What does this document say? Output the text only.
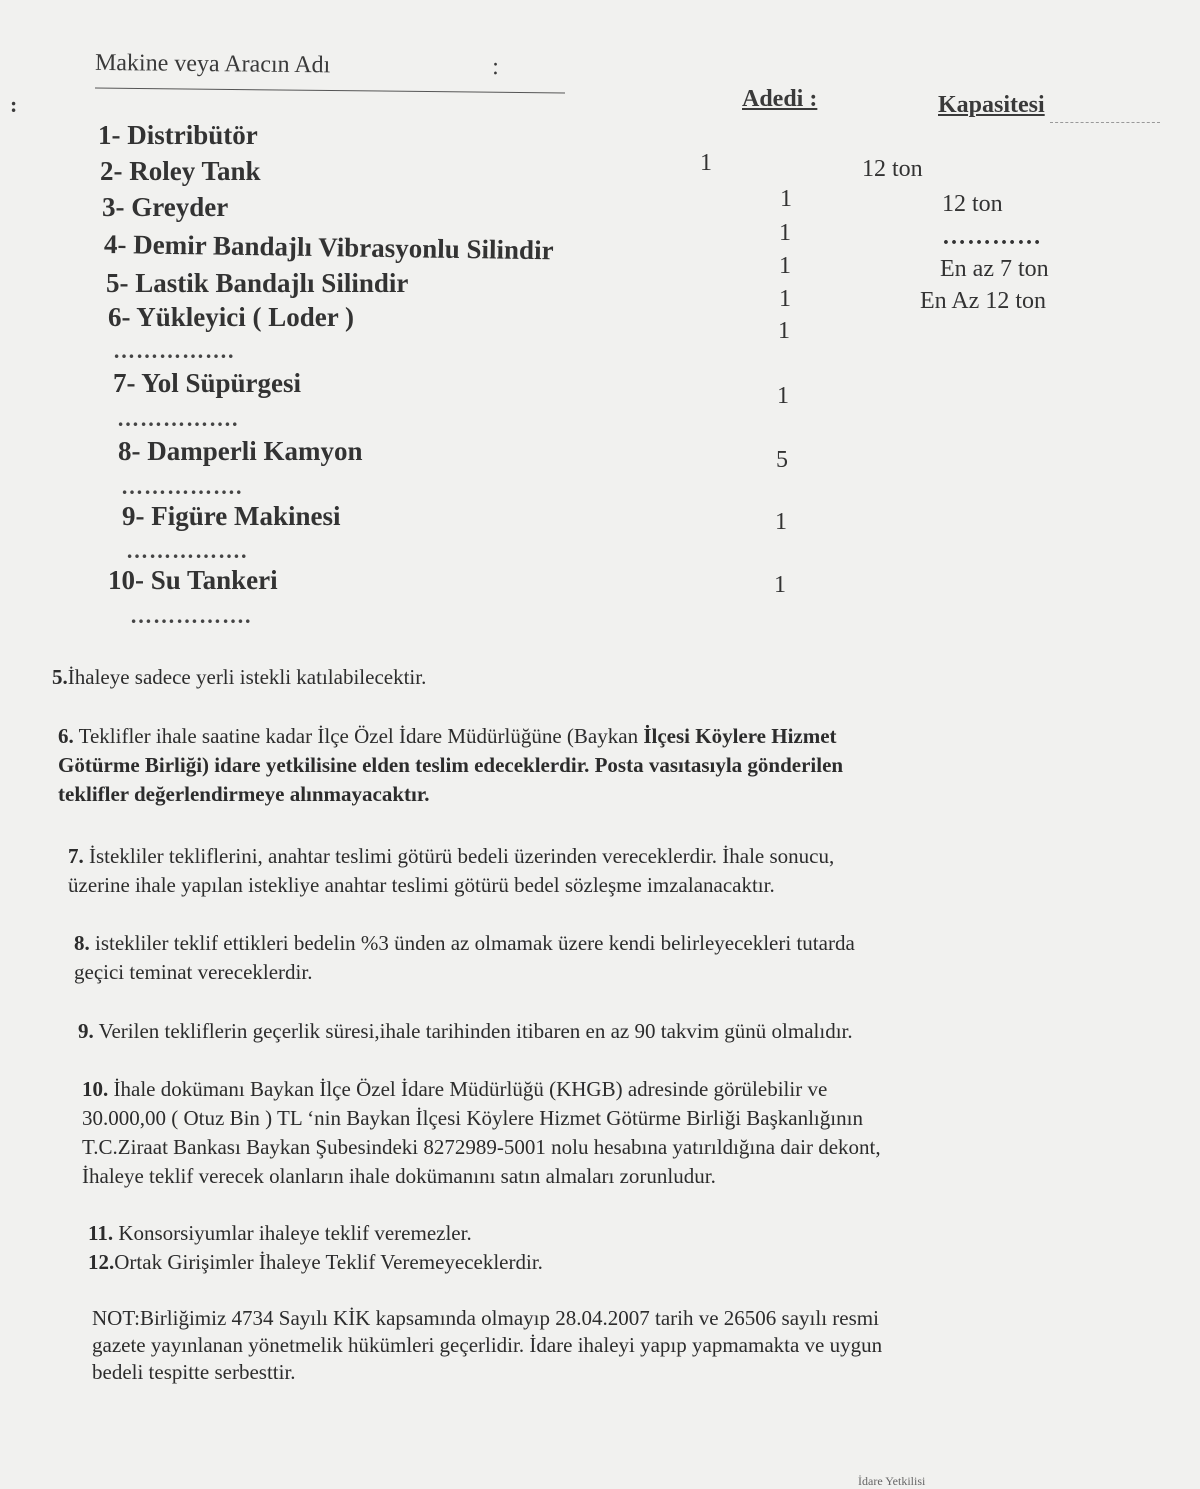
:
Makine veya Aracın Adı	:
Adedi :	Kapasitesi
1- Distribütör
2- Roley Tank
3- Greyder
4- Demir Bandajlı Vibrasyonlu Silindir
5- Lastik Bandajlı Silindir
6- Yükleyici ( Loder )
…………….
7- Yol Süpürgesi
…………….
8- Damperli Kamyon
…………….
9- Figüre Makinesi
…………….
10- Su Tankeri
…………….
1
1
1
1
1
1
1
5
1
1
12 ton
12 ton
…………
En az 7 ton
En Az 12 ton
5.İhaleye sadece yerli istekli katılabilecektir.
6. Teklifler ihale saatine kadar İlçe Özel İdare Müdürlüğüne (Baykan İlçesi Köylere Hizmet
Götürme Birliği) idare yetkilisine elden teslim edeceklerdir. Posta vasıtasıyla gönderilen
teklifler değerlendirmeye alınmayacaktır.
7. İstekliler tekliflerini, anahtar teslimi götürü bedeli üzerinden vereceklerdir. İhale sonucu,
üzerine ihale yapılan istekliye anahtar teslimi götürü bedel sözleşme imzalanacaktır.
8. istekliler teklif ettikleri bedelin %3 ünden az olmamak üzere kendi belirleyecekleri tutarda
geçici teminat vereceklerdir.
9. Verilen tekliflerin geçerlik süresi,ihale tarihinden itibaren en az 90 takvim günü olmalıdır.
10. İhale dokümanı Baykan İlçe Özel İdare Müdürlüğü (KHGB) adresinde görülebilir ve
30.000,00 ( Otuz Bin ) TL ‘nin Baykan İlçesi Köylere Hizmet Götürme Birliği Başkanlığının
T.C.Ziraat Bankası Baykan Şubesindeki 8272989-5001 nolu hesabına yatırıldığına dair dekont,
İhaleye teklif verecek olanların ihale dokümanını satın almaları zorunludur.
11. Konsorsiyumlar ihaleye teklif veremezler.
12.Ortak Girişimler İhaleye Teklif Veremeyeceklerdir.
NOT:Birliğimiz 4734 Sayılı KİK kapsamında olmayıp 28.04.2007 tarih ve 26506 sayılı resmi
gazete yayınlanan yönetmelik hükümleri geçerlidir. İdare ihaleyi yapıp yapmamakta ve uygun
bedeli tespitte serbesttir.
İdare Yetkilisi
